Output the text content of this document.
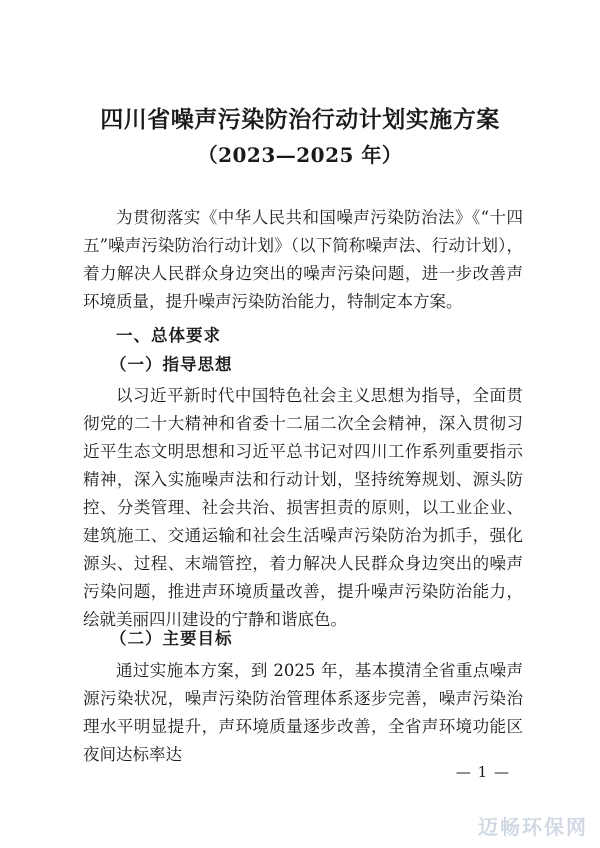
四川省噪声污染防治行动计划实施方案
（2023—2025 年）

为贯彻落实《中华人民共和国噪声污染防治法》《“十四五”噪声污染防治行动计划》（以下简称噪声法、行动计划），着力解决人民群众身边突出的噪声污染问题，进一步改善声环境质量，提升噪声污染防治能力，特制定本方案。

一、总体要求
（一）指导思想

以习近平新时代中国特色社会主义思想为指导，全面贯彻党的二十大精神和省委十二届二次全会精神，深入贯彻习近平生态文明思想和习近平总书记对四川工作系列重要指示精神，深入实施噪声法和行动计划，坚持统筹规划、源头防控、分类管理、社会共治、损害担责的原则，以工业企业、建筑施工、交通运输和社会生活噪声污染防治为抓手，强化源头、过程、末端管控，着力解决人民群众身边突出的噪声污染问题，推进声环境质量改善，提升噪声污染防治能力，绘就美丽四川建设的宁静和谐底色。

（二）主要目标

通过实施本方案，到 2025 年，基本摸清全省重点噪声源污染状况，噪声污染防治管理体系逐步完善，噪声污染治理水平明显提升，声环境质量逐步改善，全省声环境功能区夜间达标率达

— 1 —
迈畅环保网
